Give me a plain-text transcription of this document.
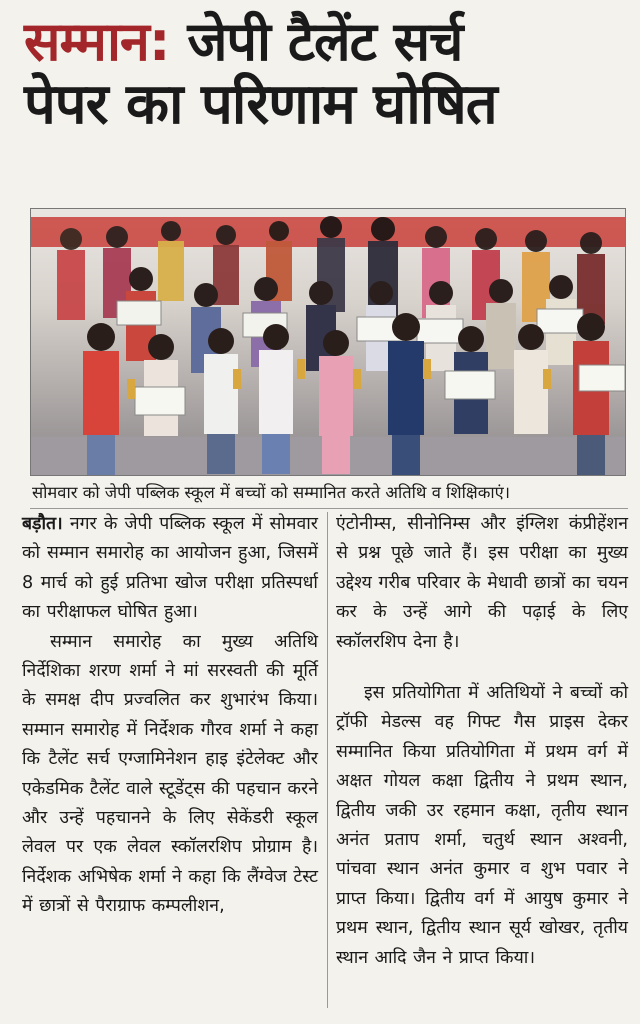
सम्मान: जेपी टैलेंट सर्च
पेपर का परिणाम घोषित
सोमवार को जेपी पब्लिक स्कूल में बच्चों को सम्मानित करते अतिथि व शिक्षिकाएं।

बड़ौत। नगर के जेपी पब्लिक स्कूल में सोमवार को सम्मान समारोह का आयोजन हुआ, जिसमें 8 मार्च को हुई प्रतिभा खोज परीक्षा प्रतिस्पर्धा का परीक्षाफल घोषित हुआ।

सम्मान समारोह का मुख्य अतिथि निर्देशिका शरण शर्मा ने मां सरस्वती की मूर्ति के समक्ष दीप प्रज्वलित कर शुभारंभ किया। सम्मान समारोह में निर्देशक गौरव शर्मा ने कहा कि टैलेंट सर्च एग्जामिनेशन हाइ इंटेलेक्ट और एकेडमिक टैलेंट वाले स्टूडेंट्स की पहचान करने और उन्हें पहचानने के लिए सेकेंडरी स्कूल लेवल पर एक लेवल स्कॉलरशिप प्रोग्राम है। निर्देशक अभिषेक शर्मा ने कहा कि लैंग्वेज टेस्ट में छात्रों से पैराग्राफ कम्पलीशन,

एंटोनीम्स, सीनोनिम्स और इंग्लिश कंप्रीहेंशन से प्रश्न पूछे जाते हैं। इस परीक्षा का मुख्य उद्देश्य गरीब परिवार के मेधावी छात्रों का चयन कर के उन्हें आगे की पढ़ाई के लिए स्कॉलरशिप देना है।

इस प्रतियोगिता में अतिथियों ने बच्चों को ट्रॉफी मेडल्स वह गिफ्ट गैस प्राइस देकर सम्मानित किया प्रतियोगिता में प्रथम वर्ग में अक्षत गोयल कक्षा द्वितीय ने प्रथम स्थान, द्वितीय जकी उर रहमान कक्षा, तृतीय स्थान अनंत प्रताप शर्मा, चतुर्थ स्थान अश्वनी, पांचवा स्थान अनंत कुमार व शुभ पवार ने प्राप्त किया। द्वितीय वर्ग में आयुष कुमार ने प्रथम स्थान, द्वितीय स्थान सूर्य खोखर, तृतीय स्थान आदि जैन ने प्राप्त किया।
